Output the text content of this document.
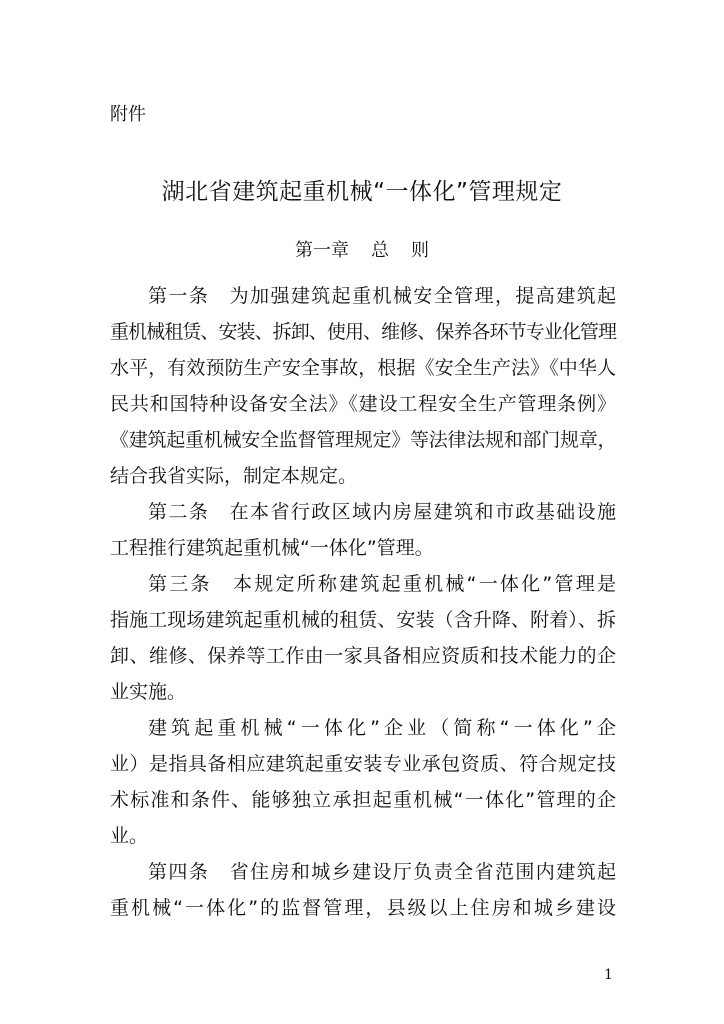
附件
湖北省建筑起重机械“一体化”管理规定
第一章 总 则
第一条　为加强建筑起重机械安全管理，提高建筑起
重机械租赁、安装、拆卸、使用、维修、保养各环节专业化管理
水平，有效预防生产安全事故，根据《安全生产法》《中华人
民共和国特种设备安全法》《建设工程安全生产管理条例》
《建筑起重机械安全监督管理规定》等法律法规和部门规章，
结合我省实际，制定本规定。
第二条　在本省行政区域内房屋建筑和市政基础设施
工程推行建筑起重机械“一体化”管理。
第三条　本规定所称建筑起重机械“一体化”管理是
指施工现场建筑起重机械的租赁、安装（含升降、附着）、拆
卸、维修、保养等工作由一家具备相应资质和技术能力的企
业实施。
建筑起重机械“一体化”企业（简称“一体化”企
业）是指具备相应建筑起重安装专业承包资质、符合规定技
术标准和条件、能够独立承担起重机械“一体化”管理的企
业。
第四条　省住房和城乡建设厅负责全省范围内建筑起
重机械“一体化”的监督管理，县级以上住房和城乡建设
1
